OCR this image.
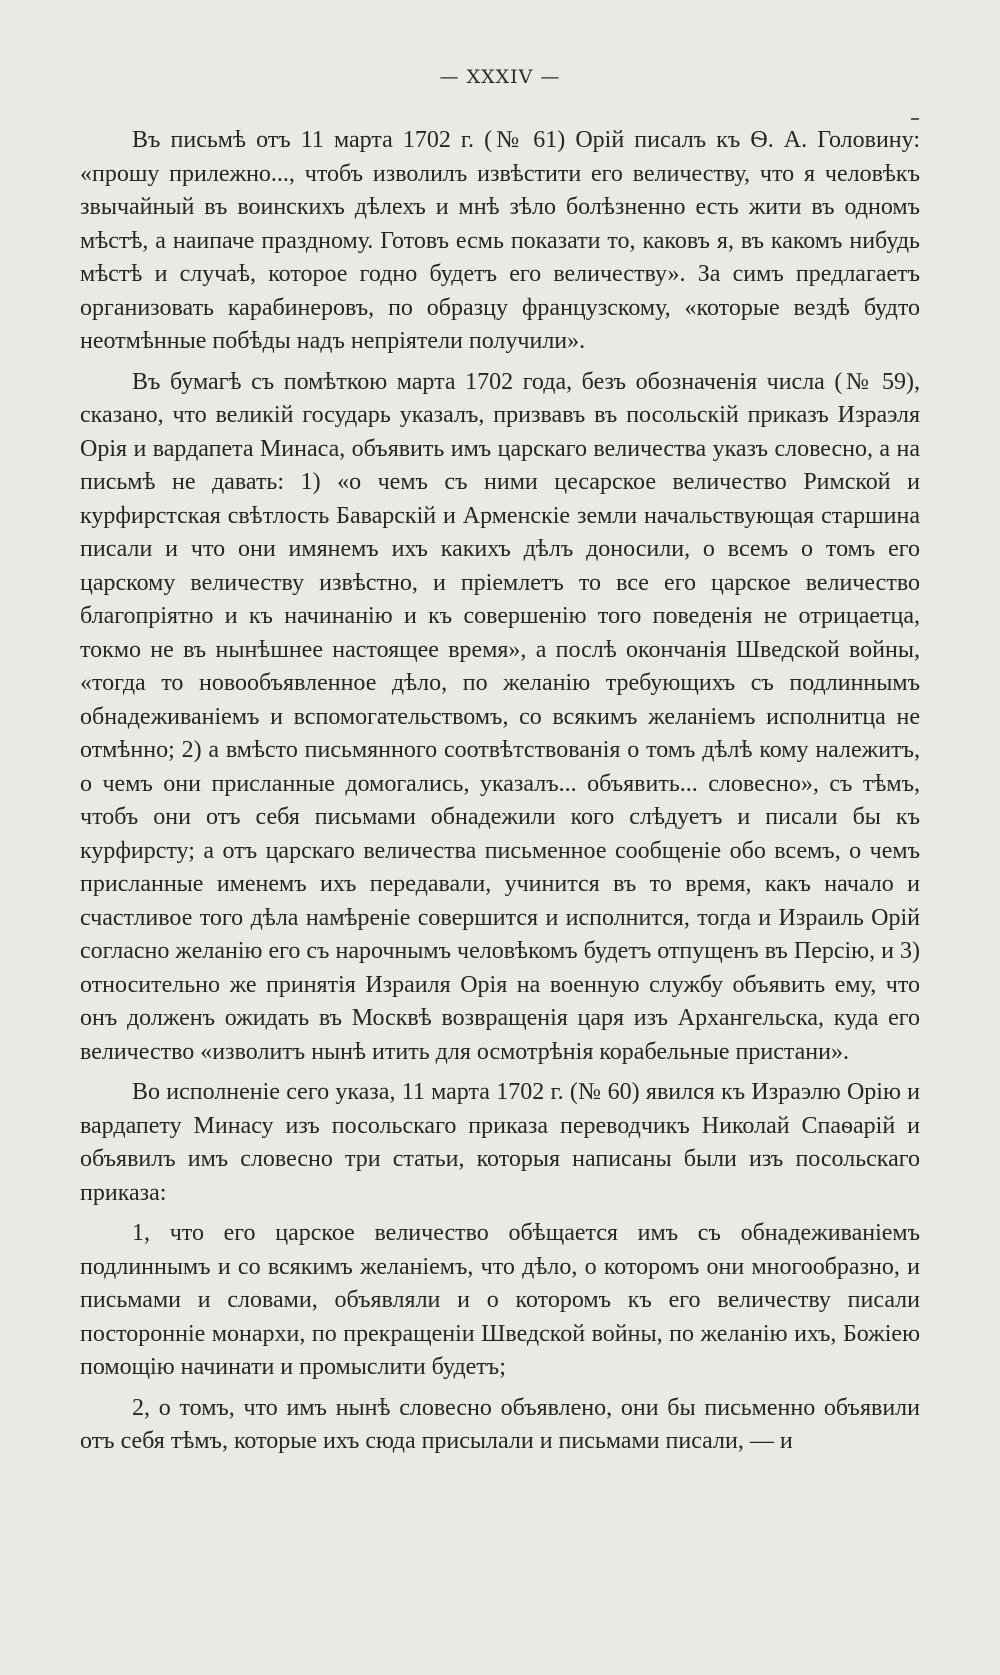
— XXXIV —

Въ письмѣ отъ 11 марта 1702 г. (№ 61) Орій писалъ къ Ѳ. А. Головину: «прошу прилежно..., чтобъ изволилъ извѣстити его величеству, что я человѣкъ звычайный въ воинскихъ дѣлехъ и мнѣ зѣло болѣзненно есть жити въ одномъ мѣстѣ, а наипаче праздному. Готовъ есмь показати то, каковъ я, въ какомъ нибудь мѣстѣ и случаѣ, которое годно будетъ его величеству». За симъ предлагаетъ организовать карабинеровъ, по образцу французскому, «которые вездѣ будто неотмѣнные побѣды надъ непріятели получили».

Въ бумагѣ съ помѣткою марта 1702 года, безъ обозначенія числа (№ 59), сказано, что великій государь указалъ, призвавъ въ посольскій приказъ Израэля Орія и вардапета Минаса, объявить имъ царскаго величества указъ словесно, а на письмѣ не давать: 1) «о чемъ съ ними цесарское величество Римской и курфирстская свѣтлость Баварскій и Арменскіе земли начальствующая старшина писали и что они имянемъ ихъ какихъ дѣлъ доносили, о всемъ о томъ его царскому величеству извѣстно, и пріемлетъ то все его царское величество благопріятно и къ начинанію и къ совершенію того поведенія не отрицаетца, токмо не въ нынѣшнее настоящее время», а послѣ окончанія Шведской войны, «тогда то новообъявленное дѣло, по желанію требующихъ съ подлиннымъ обнадеживаніемъ и вспомогательствомъ, со всякимъ желаніемъ исполнитца не отмѣнно; 2) а вмѣсто письмянного соотвѣтствованія о томъ дѣлѣ кому належитъ, о чемъ они присланные домогались, указалъ... объявить... словесно», съ тѣмъ, чтобъ они отъ себя письмами обнадежили кого слѣдуетъ и писали бы къ курфирсту; а отъ царскаго величества письменное сообщеніе обо всемъ, о чемъ присланные именемъ ихъ передавали, учинится въ то время, какъ начало и счастливое того дѣла намѣреніе совершится и исполнится, тогда и Израиль Орій согласно желанію его съ нарочнымъ человѣкомъ будетъ отпущенъ въ Персію, и 3) относительно же принятія Израиля Орія на военную службу объявить ему, что онъ долженъ ожидать въ Москвѣ возвращенія царя изъ Архангельска, куда его величество «изволитъ нынѣ итить для осмотрѣнія корабельные пристани».

Во исполненіе сего указа, 11 марта 1702 г. (№ 60) явился къ Израэлю Орію и вардапету Минасу изъ посольскаго приказа переводчикъ Николай Спаѳарій и объявилъ имъ словесно три статьи, которыя написаны были изъ посольскаго приказа:

1, что его царское величество обѣщается имъ съ обнадеживаніемъ подлиннымъ и со всякимъ желаніемъ, что дѣло, о которомъ они многообразно, и письмами и словами, объявляли и о которомъ къ его величеству писали посторонніе монархи, по прекращеніи Шведской войны, по желанію ихъ, Божіею помощію начинати и промыслити будетъ;

2, о томъ, что имъ нынѣ словесно объявлено, они бы письменно объявили отъ себя тѣмъ, которые ихъ сюда присылали и письмами писали, — и
